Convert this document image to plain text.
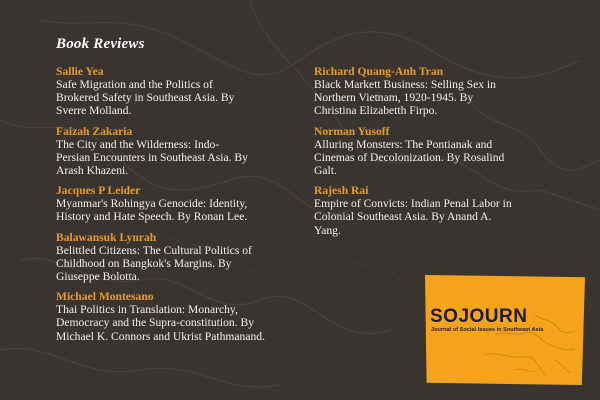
Book Reviews
Sallie Yea
Safe Migration and the Politics of
Brokered Safety in Southeast Asia. By
Sverre Molland.
Faizah Zakaria
The City and the Wilderness: Indo-
Persian Encounters in Southeast Asia. By
Arash Khazeni.
Jacques P Leider
Myanmar's Rohingya Genocide: Identity,
History and Hate Speech. By Ronan Lee.
Balawansuk Lynrah
Belittled Citizens: The Cultural Politics of
Childhood on Bangkok's Margins. By
Giuseppe Bolotta.
Michael Montesano
Thai Politics in Translation: Monarchy,
Democracy and the Supra-constitution. By
Michael K. Connors and Ukrist Pathmanand.
Richard Quang-Anh Tran
Black Markett Business: Selling Sex in
Northern Vietnam, 1920-1945. By
Christina Elizabetth Firpo.
Norman Yusoff
Alluring Monsters: The Pontianak and
Cinemas of Decolonization. By Rosalind
Galt.
Rajesh Rai
Empire of Convicts: Indian Penal Labor in
Colonial Southeast Asia. By Anand A.
Yang.
SOJOURN
Journal of Social Issues in Southeast Asia
